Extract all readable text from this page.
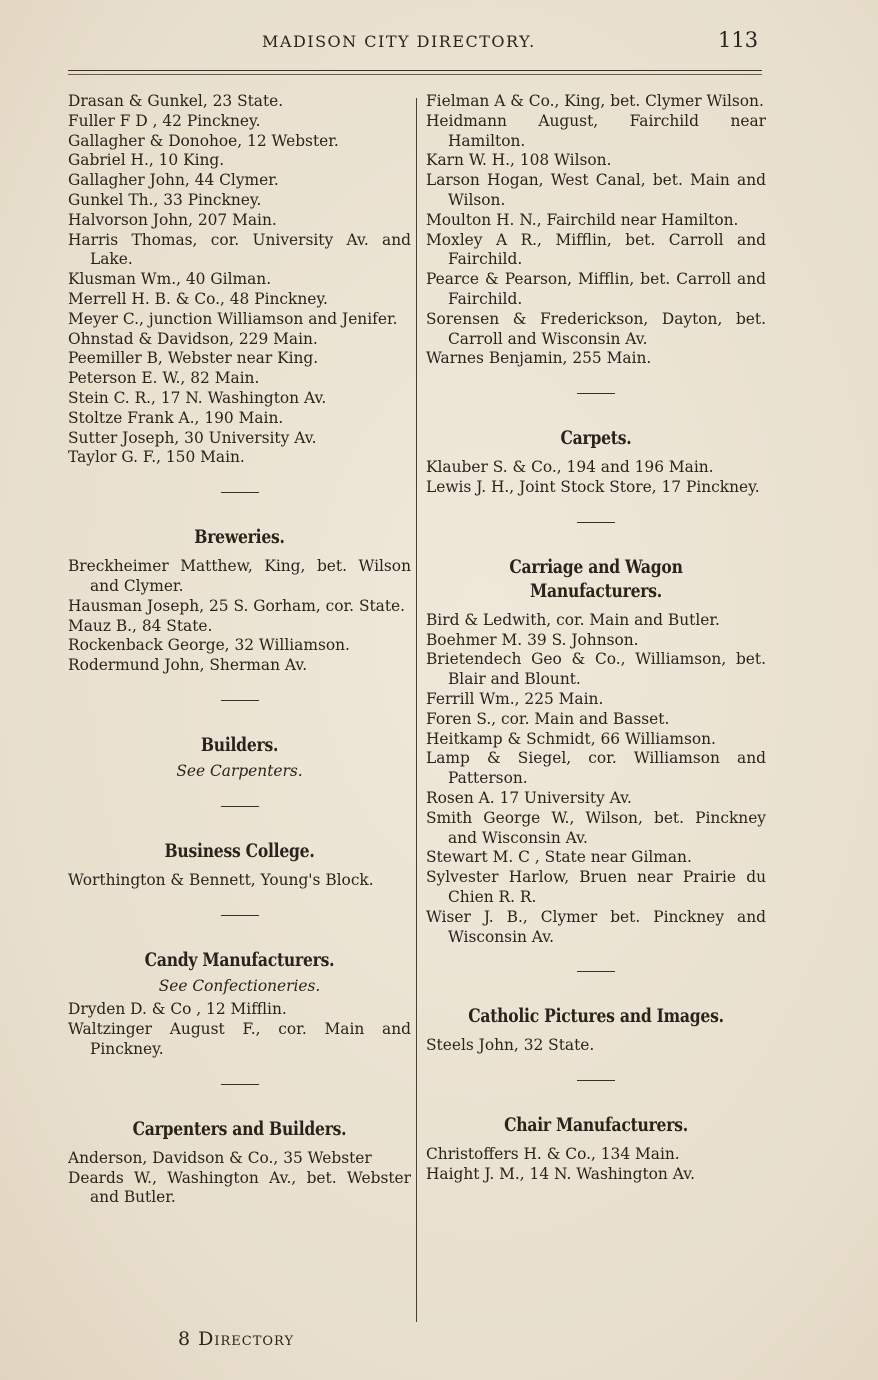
MADISON CITY DIRECTORY.	113

Drasan & Gunkel, 23 State.

Fuller F D , 42 Pinckney.

Gallagher & Donohoe, 12 Webster.

Gabriel H., 10 King.

Gallagher John, 44 Clymer.

Gunkel Th., 33 Pinckney.

Halvorson John, 207 Main.

Harris Thomas, cor. University Av. and Lake.

Klusman Wm., 40 Gilman.

Merrell H. B. & Co., 48 Pinckney.

Meyer C., junction Williamson and Jenifer.

Ohnstad & Davidson, 229 Main.

Peemiller B, Webster near King.

Peterson E. W., 82 Main.

Stein C. R., 17 N. Washington Av.

Stoltze Frank A., 190 Main.

Sutter Joseph, 30 University Av.

Taylor G. F., 150 Main.

Breweries.

Breckheimer Matthew, King, bet. Wilson and Clymer.

Hausman Joseph, 25 S. Gorham, cor. State.

Mauz B., 84 State.

Rockenback George, 32 Williamson.

Rodermund John, Sherman Av.

Builders.

See Carpenters.

Business College.

Worthington & Bennett, Young's Block.

Candy Manufacturers.

See Confectioneries.

Dryden D. & Co , 12 Mifflin.

Waltzinger August F., cor. Main and Pinckney.

Carpenters and Builders.

Anderson, Davidson & Co., 35 Webster

Deards W., Washington Av., bet. Webster and Butler.

Fielman A & Co., King, bet. Clymer Wilson.

Heidmann August, Fairchild near Hamilton.

Karn W. H., 108 Wilson.

Larson Hogan, West Canal, bet. Main and Wilson.

Moulton H. N., Fairchild near Hamilton.

Moxley A R., Mifflin, bet. Carroll and Fairchild.

Pearce & Pearson, Mifflin, bet. Carroll and Fairchild.

Sorensen & Frederickson, Dayton, bet. Carroll and Wisconsin Av.

Warnes Benjamin, 255 Main.

Carpets.

Klauber S. & Co., 194 and 196 Main.

Lewis J. H., Joint Stock Store, 17 Pinckney.

Carriage and Wagon Manufacturers.

Bird & Ledwith, cor. Main and Butler.

Boehmer M. 39 S. Johnson.

Brietendech Geo & Co., Williamson, bet. Blair and Blount.

Ferrill Wm., 225 Main.

Foren S., cor. Main and Basset.

Heitkamp & Schmidt, 66 Williamson.

Lamp & Siegel, cor. Williamson and Patterson.

Rosen A. 17 University Av.

Smith George W., Wilson, bet. Pinckney and Wisconsin Av.

Stewart M. C , State near Gilman.

Sylvester Harlow, Bruen near Prairie du Chien R. R.

Wiser J. B., Clymer bet. Pinckney and Wisconsin Av.

Catholic Pictures and Images.

Steels John, 32 State.

Chair Manufacturers.

Christoffers H. & Co., 134 Main.

Haight J. M., 14 N. Washington Av.

8 Directory
